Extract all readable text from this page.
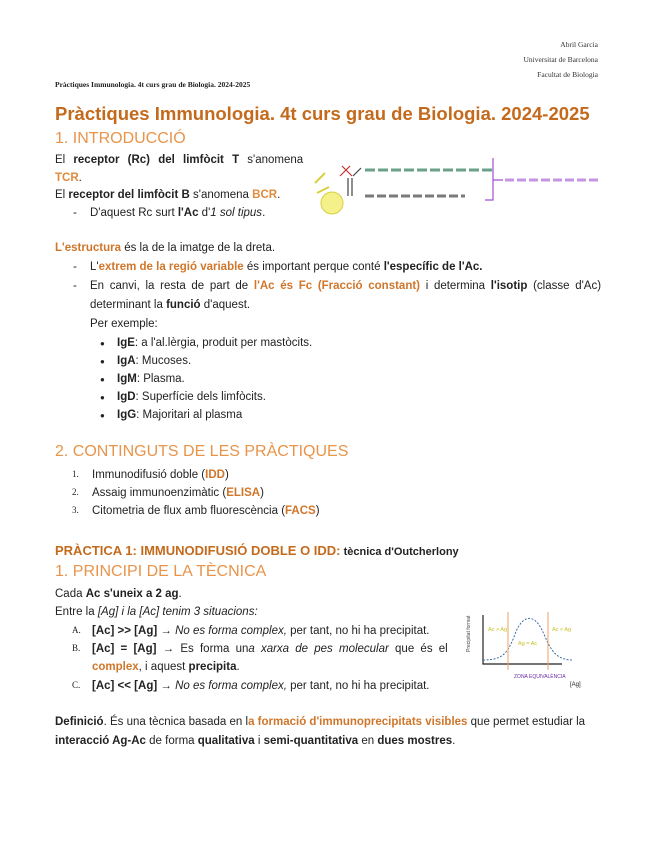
Abril Garcia
Universitat de Barcelona
Facultat de Biologia
Pràctiques Immunologia. 4t curs grau de Biologia. 2024-2025
Pràctiques Immunologia. 4t curs grau de Biologia. 2024-2025
1. INTRODUCCIÓ
El receptor (Rc) del limfòcit T s'anomena
TCR.
El receptor del limfòcit B s'anomena BCR.
- D'aquest Rc surt l'Ac d'1 sol tipus.
L'estructura és la de la imatge de la dreta.
- L'extrem de la regió variable és important perque conté l'específic de l'Ac.
- En canvi, la resta de part de l'Ac és Fc (Fracció constant) i determina l'isotip (classe d'Ac)
determinant la funció d'aquest.
Per exemple:
● IgE: a l'al.lèrgia, produit per mastòcits.
● IgA: Mucoses.
● IgM: Plasma.
● IgD: Superfície dels limfòcits.
● IgG: Majoritari al plasma
2. CONTINGUTS DE LES PRÀCTIQUES
1. Immunodifusió doble (IDD)
2. Assaig immunoenzimàtic (ELISA)
3. Citometria de flux amb fluorescència (FACS)
PRÀCTICA 1: IMMUNODIFUSIÓ DOBLE O IDD: tècnica d'Outcherlony
1. PRINCIPI DE LA TÈCNICA
Cada Ac s'uneix a 2 ag.
Entre la [Ag] i la [Ac] tenim 3 situacions:
A. [Ac] >> [Ag] → No es forma complex, per tant, no hi ha precipitat.
B. [Ac] = [Ag] → Es forma una xarxa de pes molecular que és el
complex, i aquest precipita.
C. [Ac] << [Ag] → No es forma complex, per tant, no hi ha precipitat.
Precipitat format	Ac > Ag
Ag = Ac
Ac < Ag
ZONA EQUIVALÈNCIA
[Ag]
Definició. És una tècnica basada en la formació d'immunoprecipitats visibles que permet estudiar la
interacció Ag-Ac de forma qualitativa i semi-quantitativa en dues mostres.
